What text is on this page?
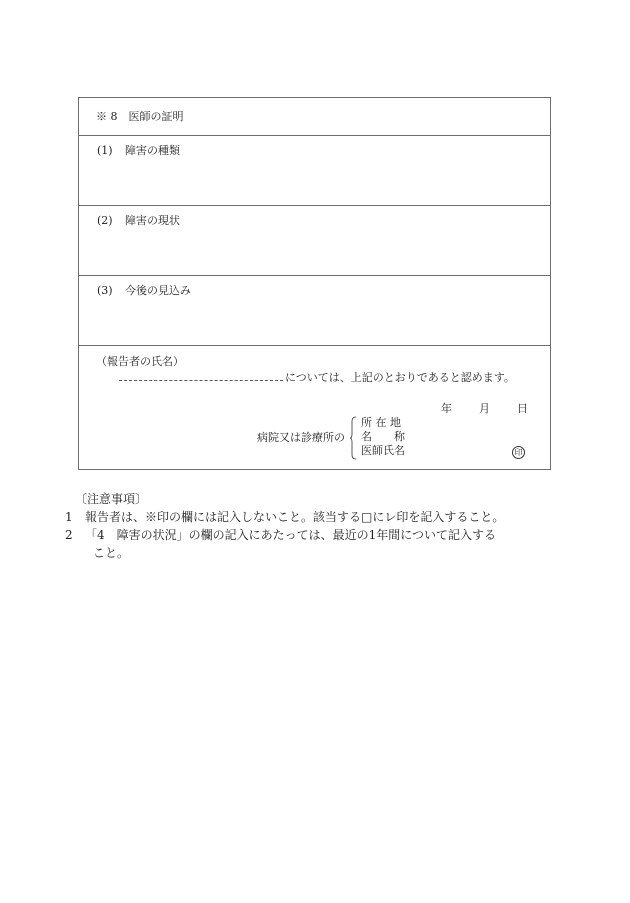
※ 8　医師の証明
(1) 障害の種類
(2) 障害の現状
(3) 今後の見込み
（報告者の氏名）
については、上記のとおりであると認めます。
年 月 日
病院又は診療所の
所 在 地
名　　称
医師氏名	印
〔注意事項〕
1 報告者は、※印の欄には記入しないこと。該当する□にレ印を記入すること。
2 「4　障害の状況」の欄の記入にあたっては、最近の1年間について記入する
こと。
